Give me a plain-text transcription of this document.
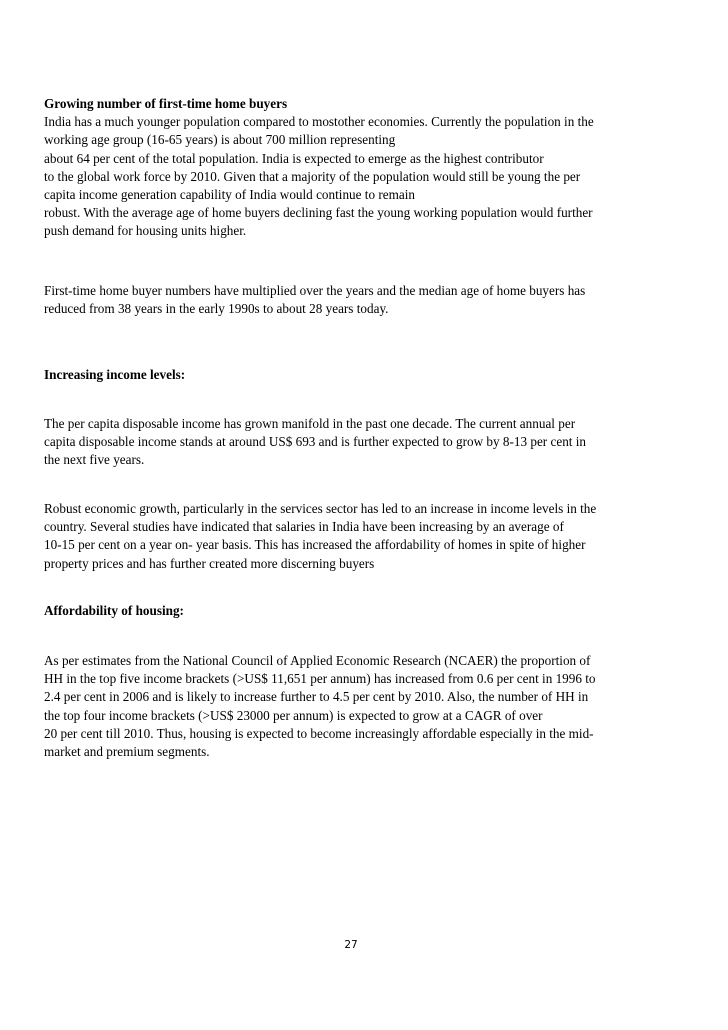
Growing number of first-time home buyers
India has a much younger population compared to mostother economies. Currently the population in the
working age group (16-65 years) is about 700 million representing
about 64 per cent of the total population. India is expected to emerge as the highest contributor
to the global work force by 2010. Given that a majority of the population would still be young the per
capita income generation capability of India would continue to remain
robust. With the average age of home buyers declining fast the young working population would further
push demand for housing units higher.
First-time home buyer numbers have multiplied over the years and the median age of home buyers has
reduced from 38 years in the early 1990s to about 28 years today.
Increasing income levels:
The per capita disposable income has grown manifold in the past one decade. The current annual per
capita disposable income stands at around US$ 693 and is further expected to grow by 8-13 per cent in
the next five years.
Robust economic growth, particularly in the services sector has led to an increase in income levels in the
country. Several studies have indicated that salaries in India have been increasing by an average of
10-15 per cent on a year on- year basis. This has increased the affordability of homes in spite of higher
property prices and has further created more discerning buyers
Affordability of housing:
As per estimates from the National Council of Applied Economic Research (NCAER) the proportion of
HH in the top five income brackets (>US$ 11,651 per annum) has increased from 0.6 per cent in 1996 to
2.4 per cent in 2006 and is likely to increase further to 4.5 per cent by 2010. Also, the number of HH in
the top four income brackets (>US$ 23000 per annum) is expected to grow at a CAGR of over
20 per cent till 2010. Thus, housing is expected to become increasingly affordable especially in the mid-
market and premium segments.
27
